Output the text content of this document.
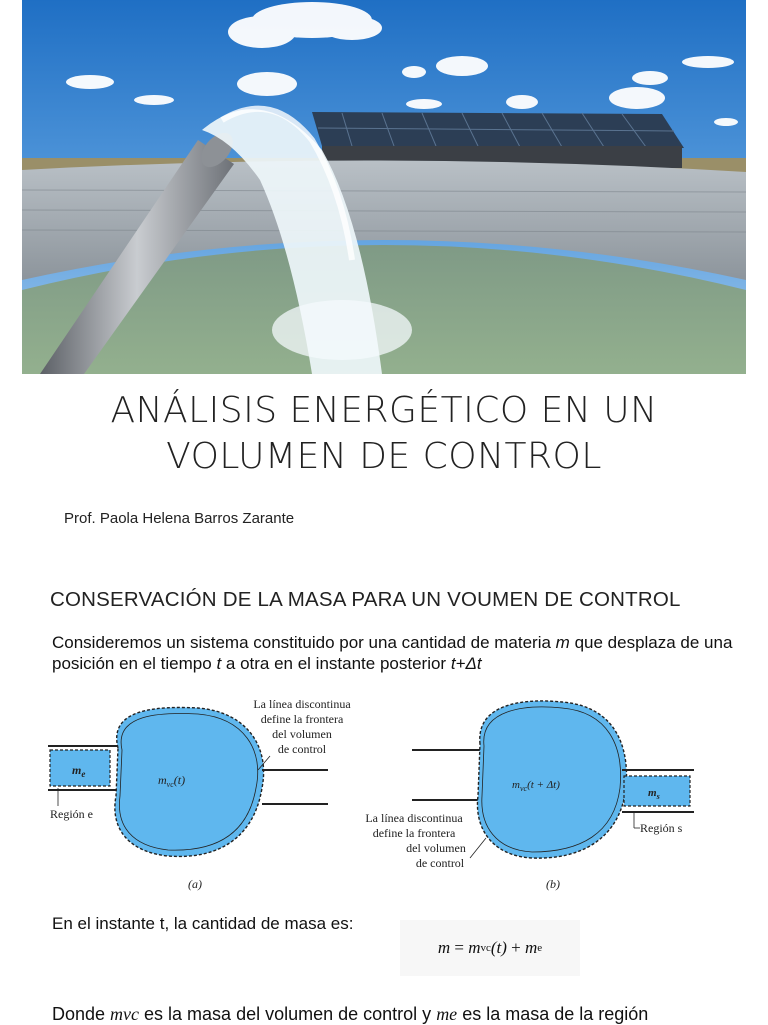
ANÁLISIS ENERGÉTICO EN UN
VOLUMEN DE CONTROL
Prof. Paola Helena Barros Zarante
CONSERVACIÓN DE LA MASA PARA UN VOUMEN DE CONTROL
Consideremos un sistema constituido por una cantidad de materia m que desplaza de una posición en el tiempo t a otra en el instante posterior t+Δt
$m_e$	$m_{vc}(t)$
La línea discontinua
define la frontera
del volumen
de control
Región e
(a)
$m_{vc}(t + \Delta t)$
$m_s$
La línea discontinua
define la frontera
del volumen
de control
Región s
(b)
En el instante t, la cantidad de masa es:
m
=
m vc (t)
+
m e
Donde mvc es la masa del volumen de control y me es la masa de la región
